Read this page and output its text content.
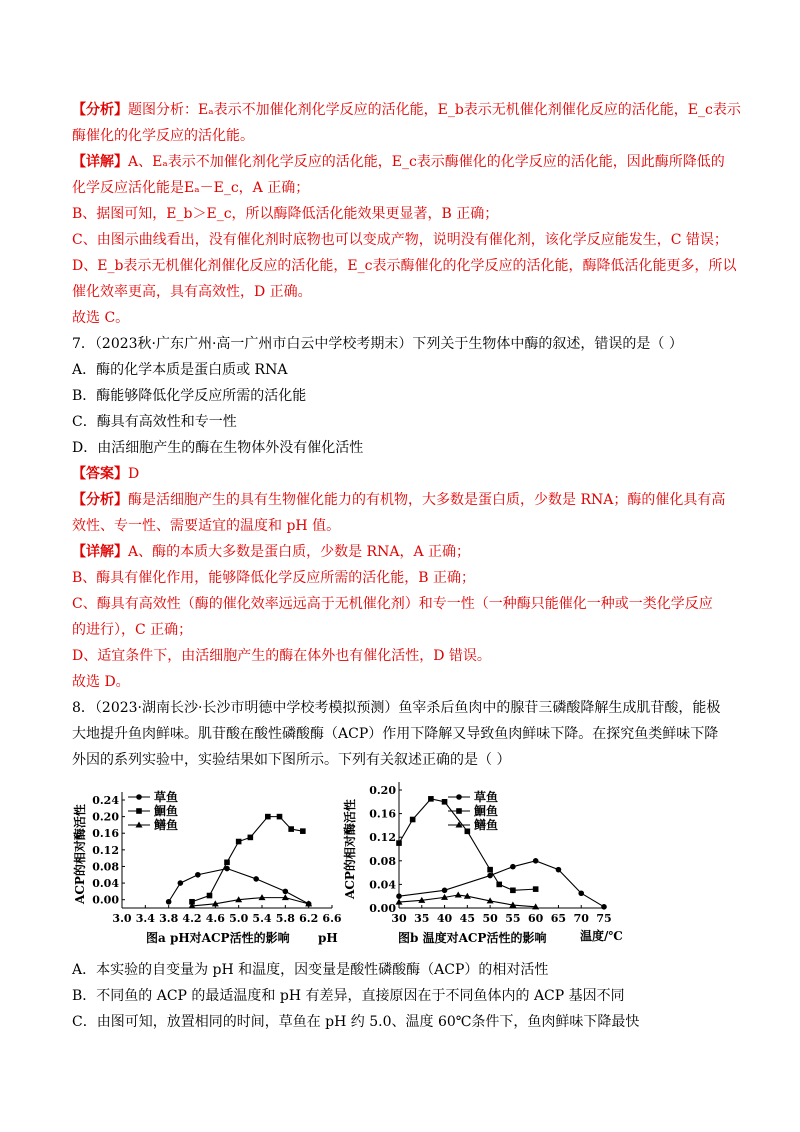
【分析】题图分析：Eₐ表示不加催化剂化学反应的活化能，E_b表示无机催化剂催化反应的活化能，E_c表示
酶催化的化学反应的活化能。
【详解】A、Eₐ表示不加催化剂化学反应的活化能，E_c表示酶催化的化学反应的活化能，因此酶所降低的
化学反应活化能是Eₐ－E_c，A 正确；
B、据图可知，E_b＞E_c，所以酶降低活化能效果更显著，B 正确；
C、由图示曲线看出，没有催化剂时底物也可以变成产物，说明没有催化剂，该化学反应能发生，C 错误；
D、E_b表示无机催化剂催化反应的活化能，E_c表示酶催化的化学反应的活化能，酶降低活化能更多，所以
催化效率更高，具有高效性，D 正确。
故选 C。
7．（2023秋·广东广州·高一广州市白云中学校考期末）下列关于生物体中酶的叙述，错误的是（ ）
A．酶的化学本质是蛋白质或 RNA
B．酶能够降低化学反应所需的活化能
C．酶具有高效性和专一性
D．由活细胞产生的酶在生物体外没有催化活性
【答案】D
【分析】酶是活细胞产生的具有生物催化能力的有机物，大多数是蛋白质，少数是 RNA；酶的催化具有高
效性、专一性、需要适宜的温度和 pH 值。
【详解】A、酶的本质大多数是蛋白质，少数是 RNA，A 正确；
B、酶具有催化作用，能够降低化学反应所需的活化能，B 正确；
C、酶具有高效性（酶的催化效率远远高于无机催化剂）和专一性（一种酶只能催化一种或一类化学反应
的进行），C 正确；
D、适宜条件下，由活细胞产生的酶在体外也有催化活性，D 错误。
故选 D。
8．（2023·湖南长沙·长沙市明德中学校考模拟预测）鱼宰杀后鱼肉中的腺苷三磷酸降解生成肌苷酸，能极
大地提升鱼肉鲜味。肌苷酸在酸性磷酸酶（ACP）作用下降解又导致鱼肉鲜味下降。在探究鱼类鲜味下降
外因的系列实验中，实验结果如下图所示。下列有关叙述正确的是（ ）
A．本实验的自变量为 pH 和温度，因变量是酸性磷酸酶（ACP）的相对活性
B．不同鱼的 ACP 的最适温度和 pH 有差异，直接原因在于不同鱼体内的 ACP 基因不同
C．由图可知，放置相同的时间，草鱼在 pH 约 5.0、温度 60℃条件下，鱼肉鲜味下降最快
0.00
0.04
0.08
0.12
0.16
0.20
0.24
3.0 3.4 3.8 4.2 4.6 5.0 5.4 5.8 6.2 6.6
ACP的相对酶活性
pH
图a pH对ACP活性的影响
草鱼
鮰鱼
鳝鱼
0.00
0.04
0.08
0.12
0.16
0.20
30 35 40 45 50 55 60 65 70 75
ACP的相对酶活性
温度/℃
图b 温度对ACP活性的影响
草鱼
鮰鱼
鳝鱼
